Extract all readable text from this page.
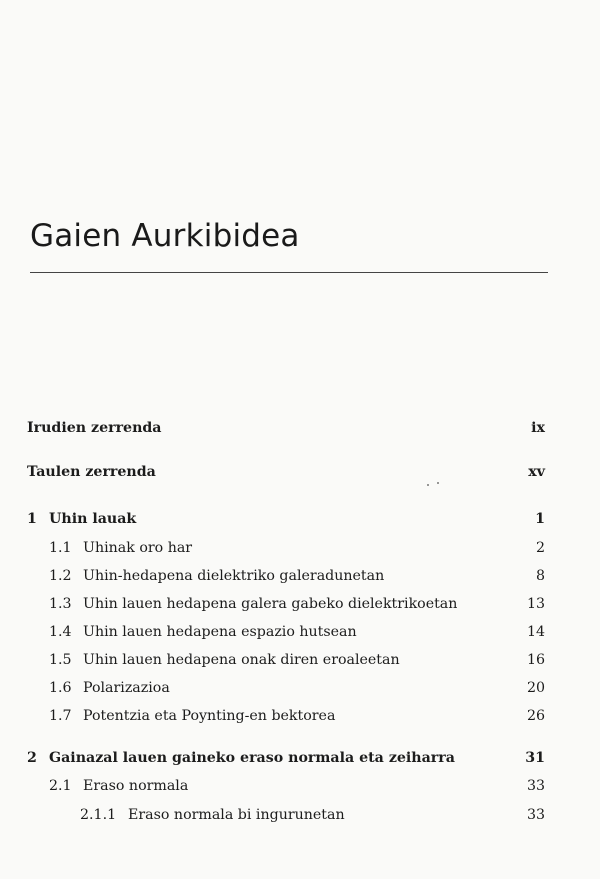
Gaien Aurkibidea
Irudien zerrenda	ix
Taulen zerrenda	xv
1 Uhin lauak	1
1.1 Uhinak oro har	2
1.2 Uhin-hedapena dielektriko galeradunetan	8
1.3 Uhin lauen hedapena galera gabeko dielektrikoetan	13
1.4 Uhin lauen hedapena espazio hutsean	14
1.5 Uhin lauen hedapena onak diren eroaleetan	16
1.6 Polarizazioa	20
1.7 Potentzia eta Poynting-en bektorea	26
2 Gainazal lauen gaineko eraso normala eta zeiharra	31
2.1 Eraso normala	33
2.1.1 Eraso normala bi ingurunetan	33
